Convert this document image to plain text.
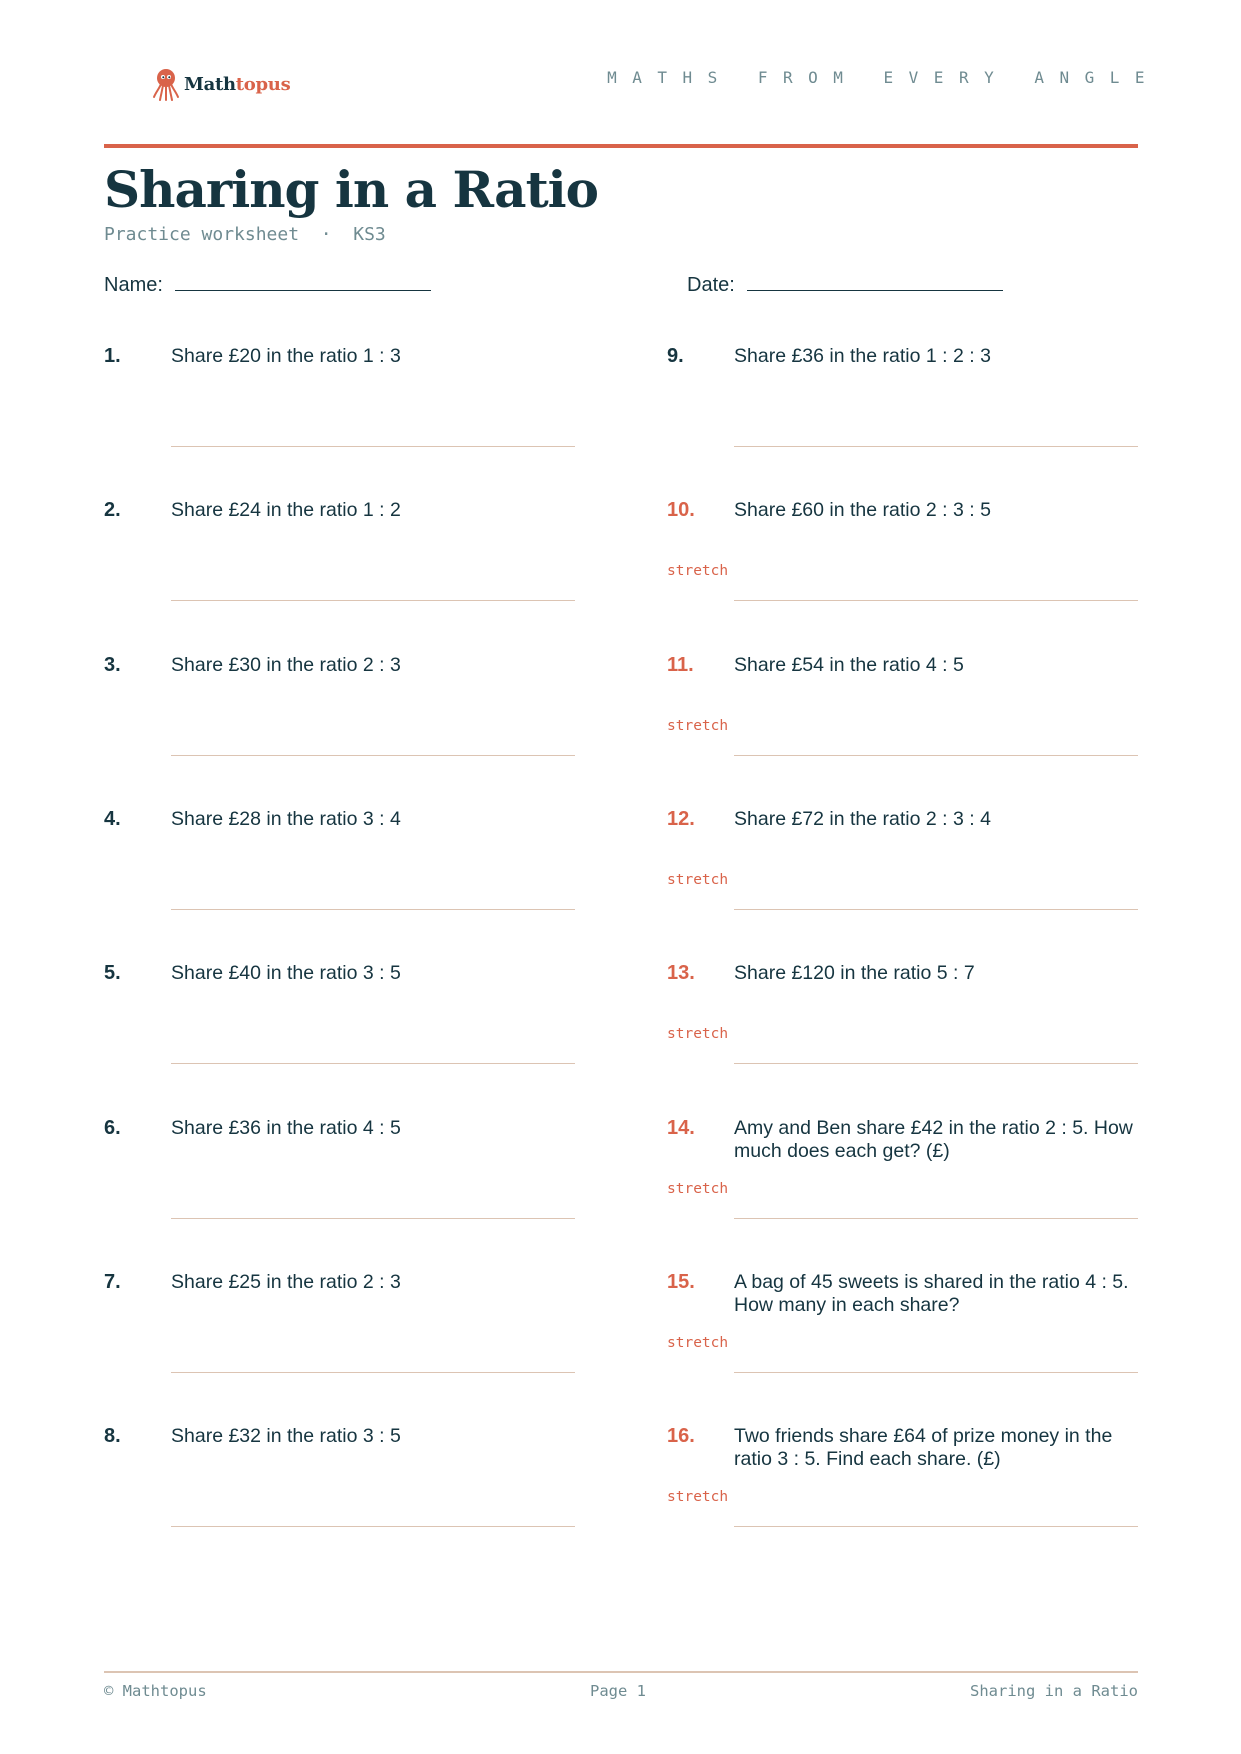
Mathtopus	MATHS FROM EVERY ANGLE
Sharing in a Ratio
Practice worksheet  ·  KS3
Name:	Date:
1.	Share £20 in the ratio 1 : 3
2.	Share £24 in the ratio 1 : 2
3.	Share £30 in the ratio 2 : 3
4.	Share £28 in the ratio 3 : 4
5.	Share £40 in the ratio 3 : 5
6.	Share £36 in the ratio 4 : 5
7.	Share £25 in the ratio 2 : 3
8.	Share £32 in the ratio 3 : 5
9.	Share £36 in the ratio 1 : 2 : 3
10. Share £60 in the ratio 2 : 3 : 5
stretch
11. Share £54 in the ratio 4 : 5
stretch
12. Share £72 in the ratio 2 : 3 : 4
stretch
13. Share £120 in the ratio 5 : 7
stretch
14. Amy and Ben share £42 in the ratio 2 : 5. How much does each get? (£)
stretch
15. A bag of 45 sweets is shared in the ratio 4 : 5. How many in each share?
stretch
16. Two friends share £64 of prize money in the ratio 3 : 5. Find each share. (£)
stretch
© Mathtopus	Page 1	Sharing in a Ratio
